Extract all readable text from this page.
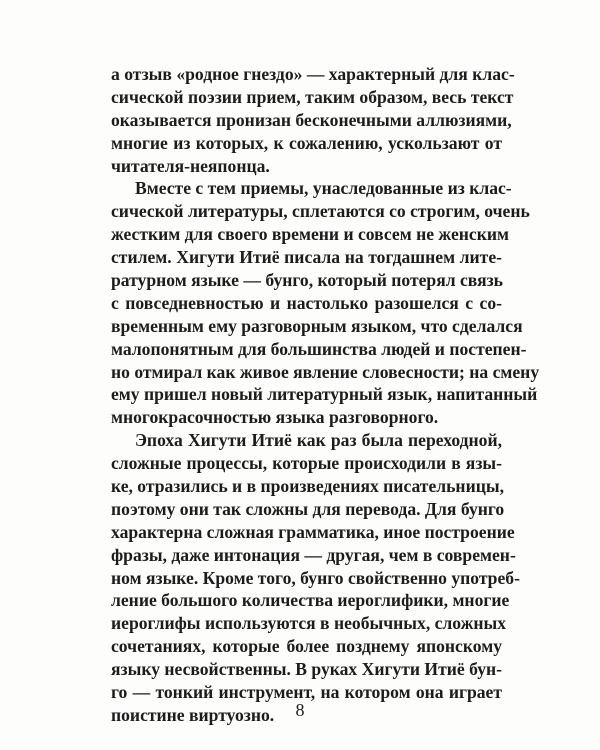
а отзыв «родное гнездо» — характерный для клас-
сической поэзии прием, таким образом, весь текст
оказывается пронизан бесконечными аллюзиями,
многие из которых, к сожалению, ускользают от
читателя-неяпонца.
Вместе с тем приемы, унаследованные из клас-
сической литературы, сплетаются со строгим, очень
жестким для своего времени и совсем не женским
стилем. Хигути Итиё писала на тогдашнем лите-
ратурном языке — бунго, который потерял связь
с повседневностью и настолько разошелся с со-
временным ему разговорным языком, что сделался
малопонятным для большинства людей и постепен-
но отмирал как живое явление словесности; на смену
ему пришел новый литературный язык, напитанный
многокрасочностью языка разговорного.
Эпоха Хигути Итиё как раз была переходной,
сложные процессы, которые происходили в язы-
ке, отразились и в произведениях писательницы,
поэтому они так сложны для перевода. Для бунго
характерна сложная грамматика, иное построение
фразы, даже интонация — другая, чем в современ-
ном языке. Кроме того, бунго свойственно употреб-
ление большого количества иероглифики, многие
иероглифы используются в необычных, сложных
сочетаниях, которые более позднему японскому
языку несвойственны. В руках Хигути Итиё бун-
го — тонкий инструмент, на котором она играет
поистине виртуозно.	8
